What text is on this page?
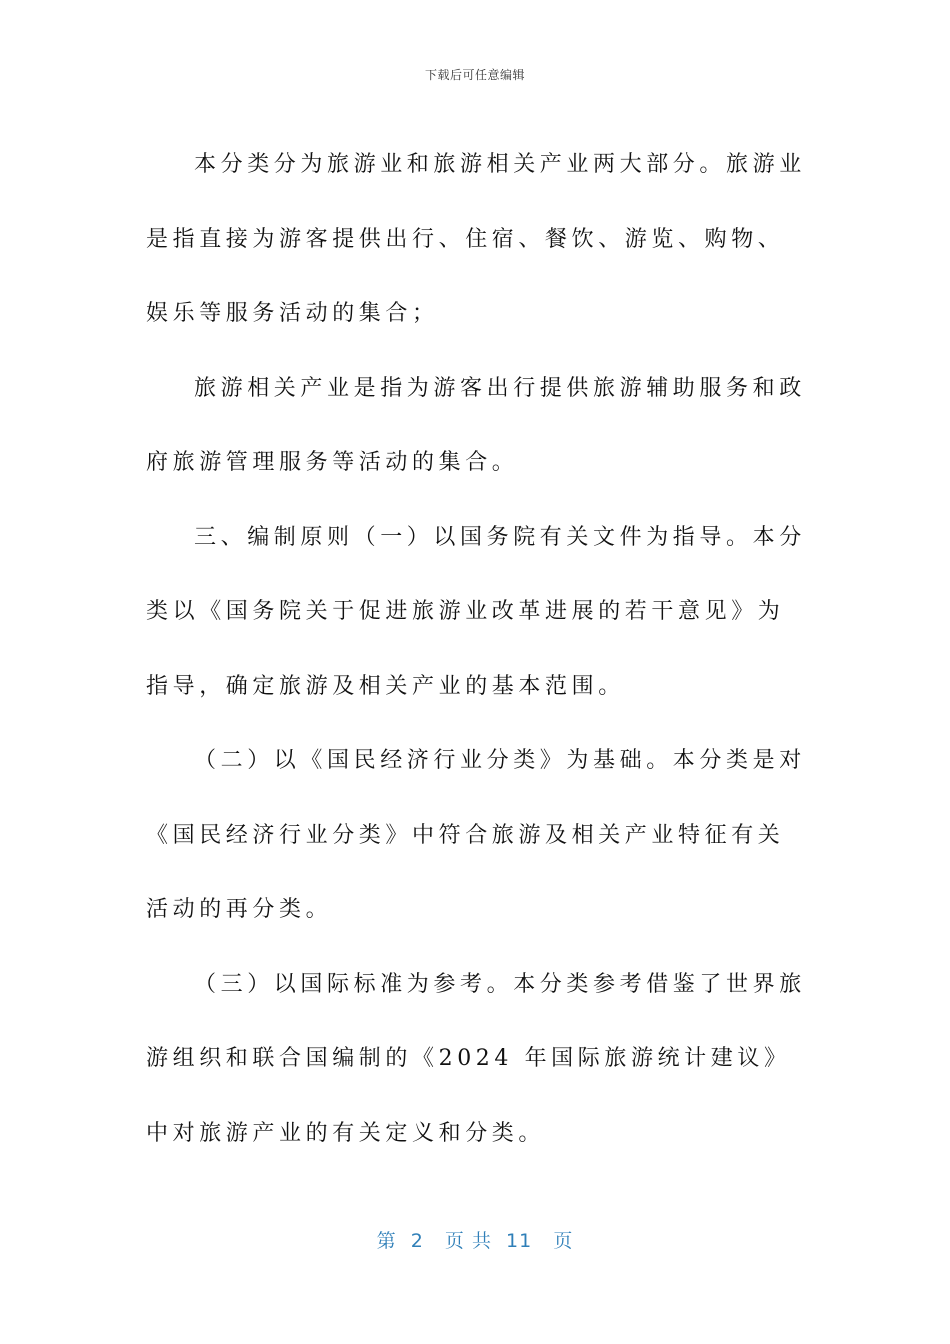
下载后可任意编辑

本分类分为旅游业和旅游相关产业两大部分。旅游业是指直接为游客提供出行、住宿、餐饮、游览、购物、娱乐等服务活动的集合；

旅游相关产业是指为游客出行提供旅游辅助服务和政府旅游管理服务等活动的集合。

三、编制原则（一）以国务院有关文件为指导。本分类以《国务院关于促进旅游业改革进展的若干意见》为指导，确定旅游及相关产业的基本范围。

（二）以《国民经济行业分类》为基础。本分类是对《国民经济行业分类》中符合旅游及相关产业特征有关活动的再分类。

（三）以国际标准为参考。本分类参考借鉴了世界旅游组织和联合国编制的《2024 年国际旅游统计建议》中对旅游产业的有关定义和分类。

第  2   页 共  11   页
